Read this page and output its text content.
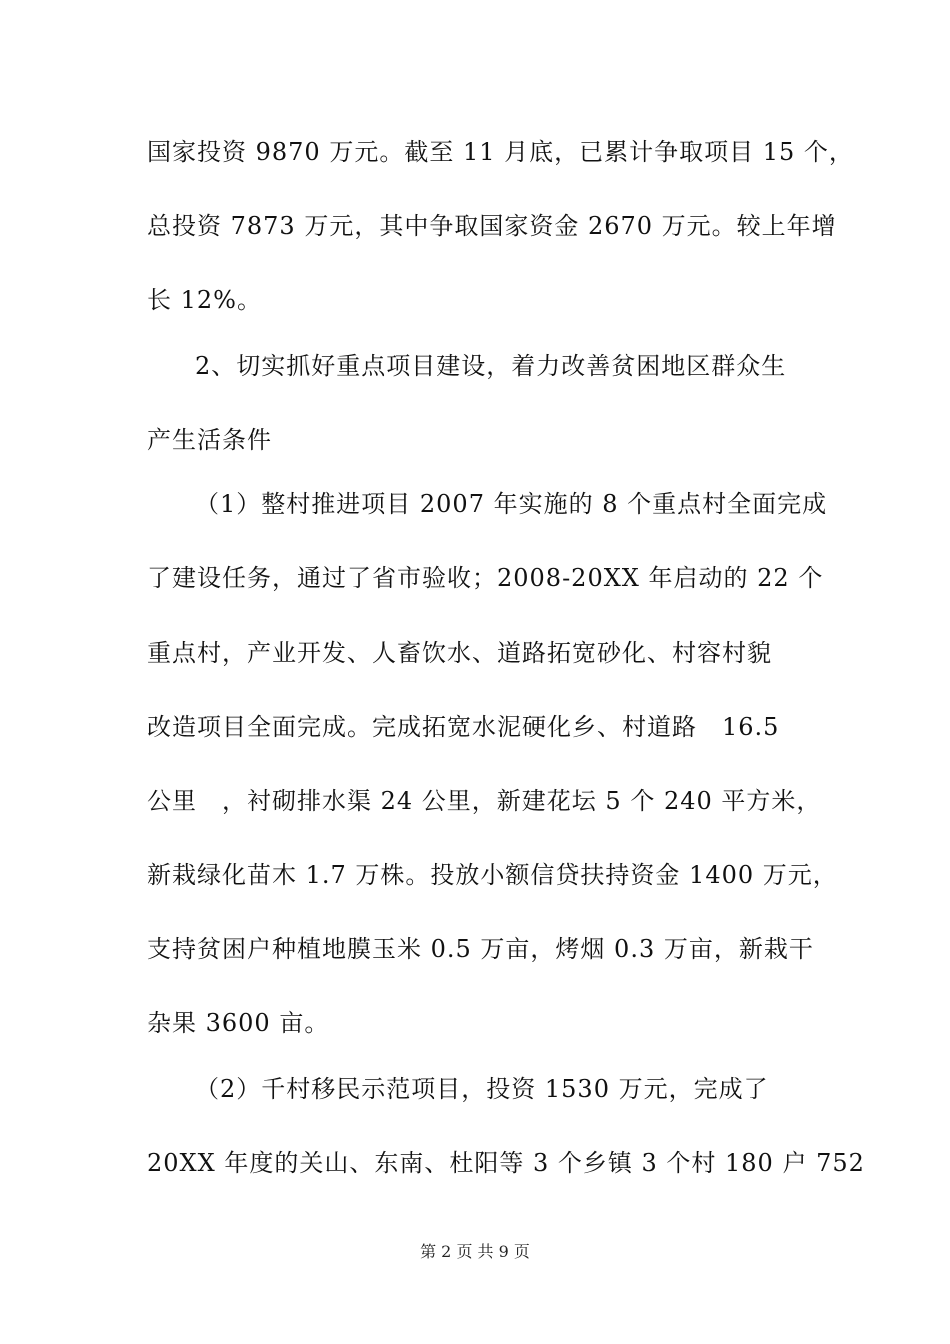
国家投资 9870 万元。截至 11 月底，已累计争取项目 15 个，
总投资 7873 万元，其中争取国家资金 2670 万元。较上年增
长 12%。
2、切实抓好重点项目建设，着力改善贫困地区群众生
产生活条件
（1）整村推进项目 2007 年实施的 8 个重点村全面完成
了建设任务，通过了省市验收；2008-20XX 年启动的 22 个
重点村，产业开发、人畜饮水、道路拓宽砂化、村容村貌
改造项目全面完成。完成拓宽水泥硬化乡、村道路　16.5
公里　，衬砌排水渠 24 公里，新建花坛 5 个 240 平方米，
新栽绿化苗木 1.7 万株。投放小额信贷扶持资金 1400 万元，
支持贫困户种植地膜玉米 0.5 万亩，烤烟 0.3 万亩，新栽干
杂果 3600 亩。
（2）千村移民示范项目，投资 1530 万元，完成了
20XX 年度的关山、东南、杜阳等 3 个乡镇 3 个村 180 户 752
第 2 页 共 9 页
